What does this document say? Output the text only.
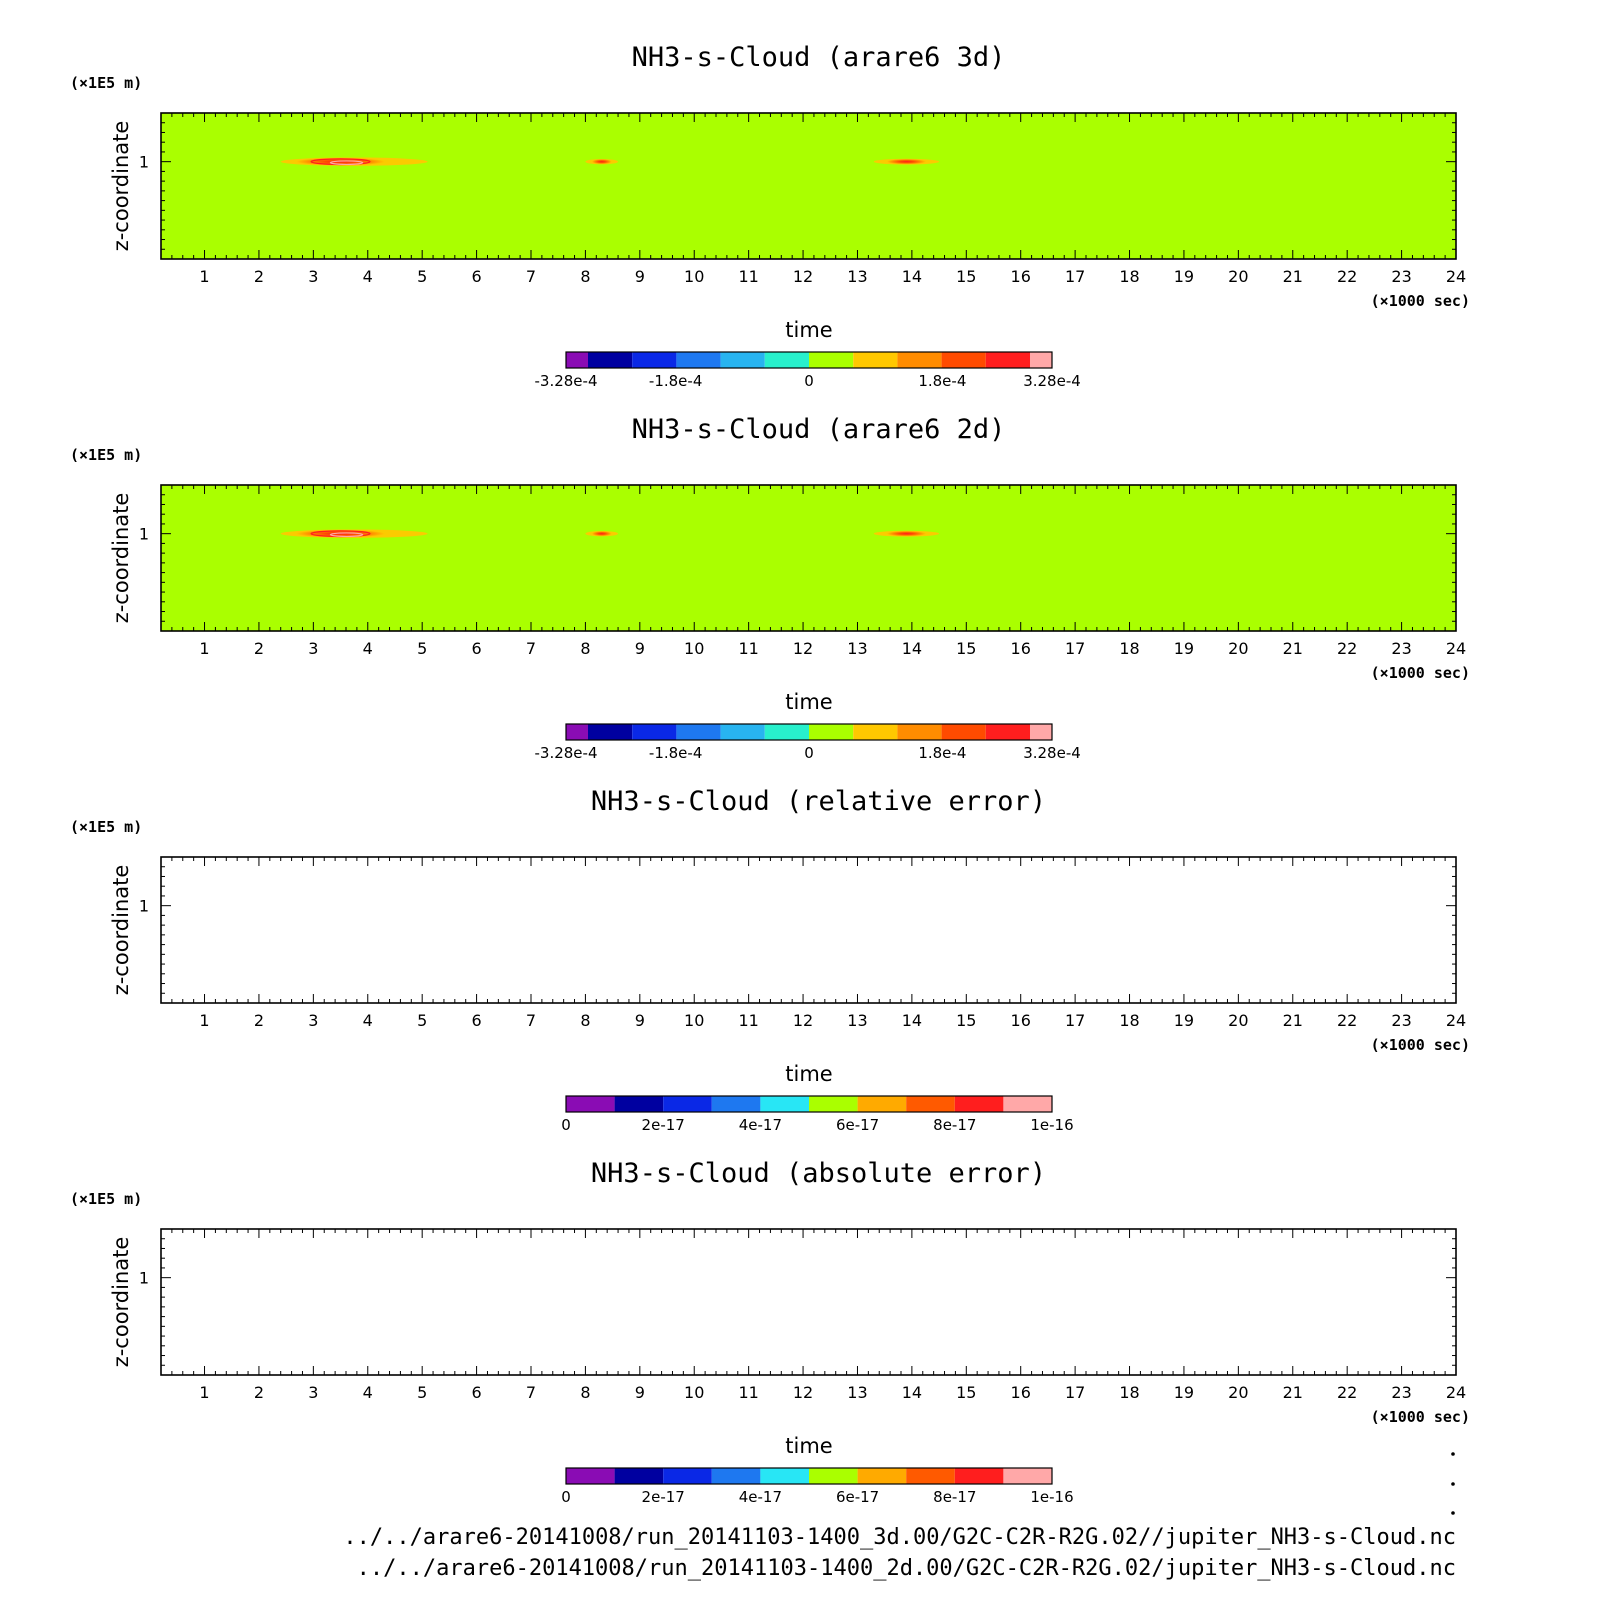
NH3-s-Cloud (arare6 3d)
(×1E5 m)
1	2	3	4	5	6	7	8	9 10 11 12 13 14 15 16 17 18 19 20 21 22 23 24
1
z-coordinate
(×1000 sec)
time
-3.28e-4	-1.8e-4	0	1.8e-4	3.28e-4
NH3-s-Cloud (arare6 2d)
(×1E5 m)
1	2	3	4	5	6	7	8	9 10 11 12 13 14 15 16 17 18 19 20 21 22 23 24
1
z-coordinate
(×1000 sec)
time
-3.28e-4	-1.8e-4	0	1.8e-4	3.28e-4
NH3-s-Cloud (relative error)
(×1E5 m)
1	2	3	4	5	6	7	8	9 10 11 12 13 14 15 16 17 18 19 20 21 22 23 24
1
z-coordinate
(×1000 sec)
time
0	2e-17	4e-17	6e-17	8e-17	1e-16
NH3-s-Cloud (absolute error)
(×1E5 m)
1	2	3	4	5	6	7	8	9 10 11 12 13 14 15 16 17 18 19 20 21 22 23 24
1
z-coordinate
(×1000 sec)
time
0	2e-17	4e-17	6e-17	8e-17	1e-16
../../arare6-20141008/run_20141103-1400_3d.00/G2C-C2R-R2G.02//jupiter_NH3-s-Cloud.nc
../../arare6-20141008/run_20141103-1400_2d.00/G2C-C2R-R2G.02/jupiter_NH3-s-Cloud.nc
